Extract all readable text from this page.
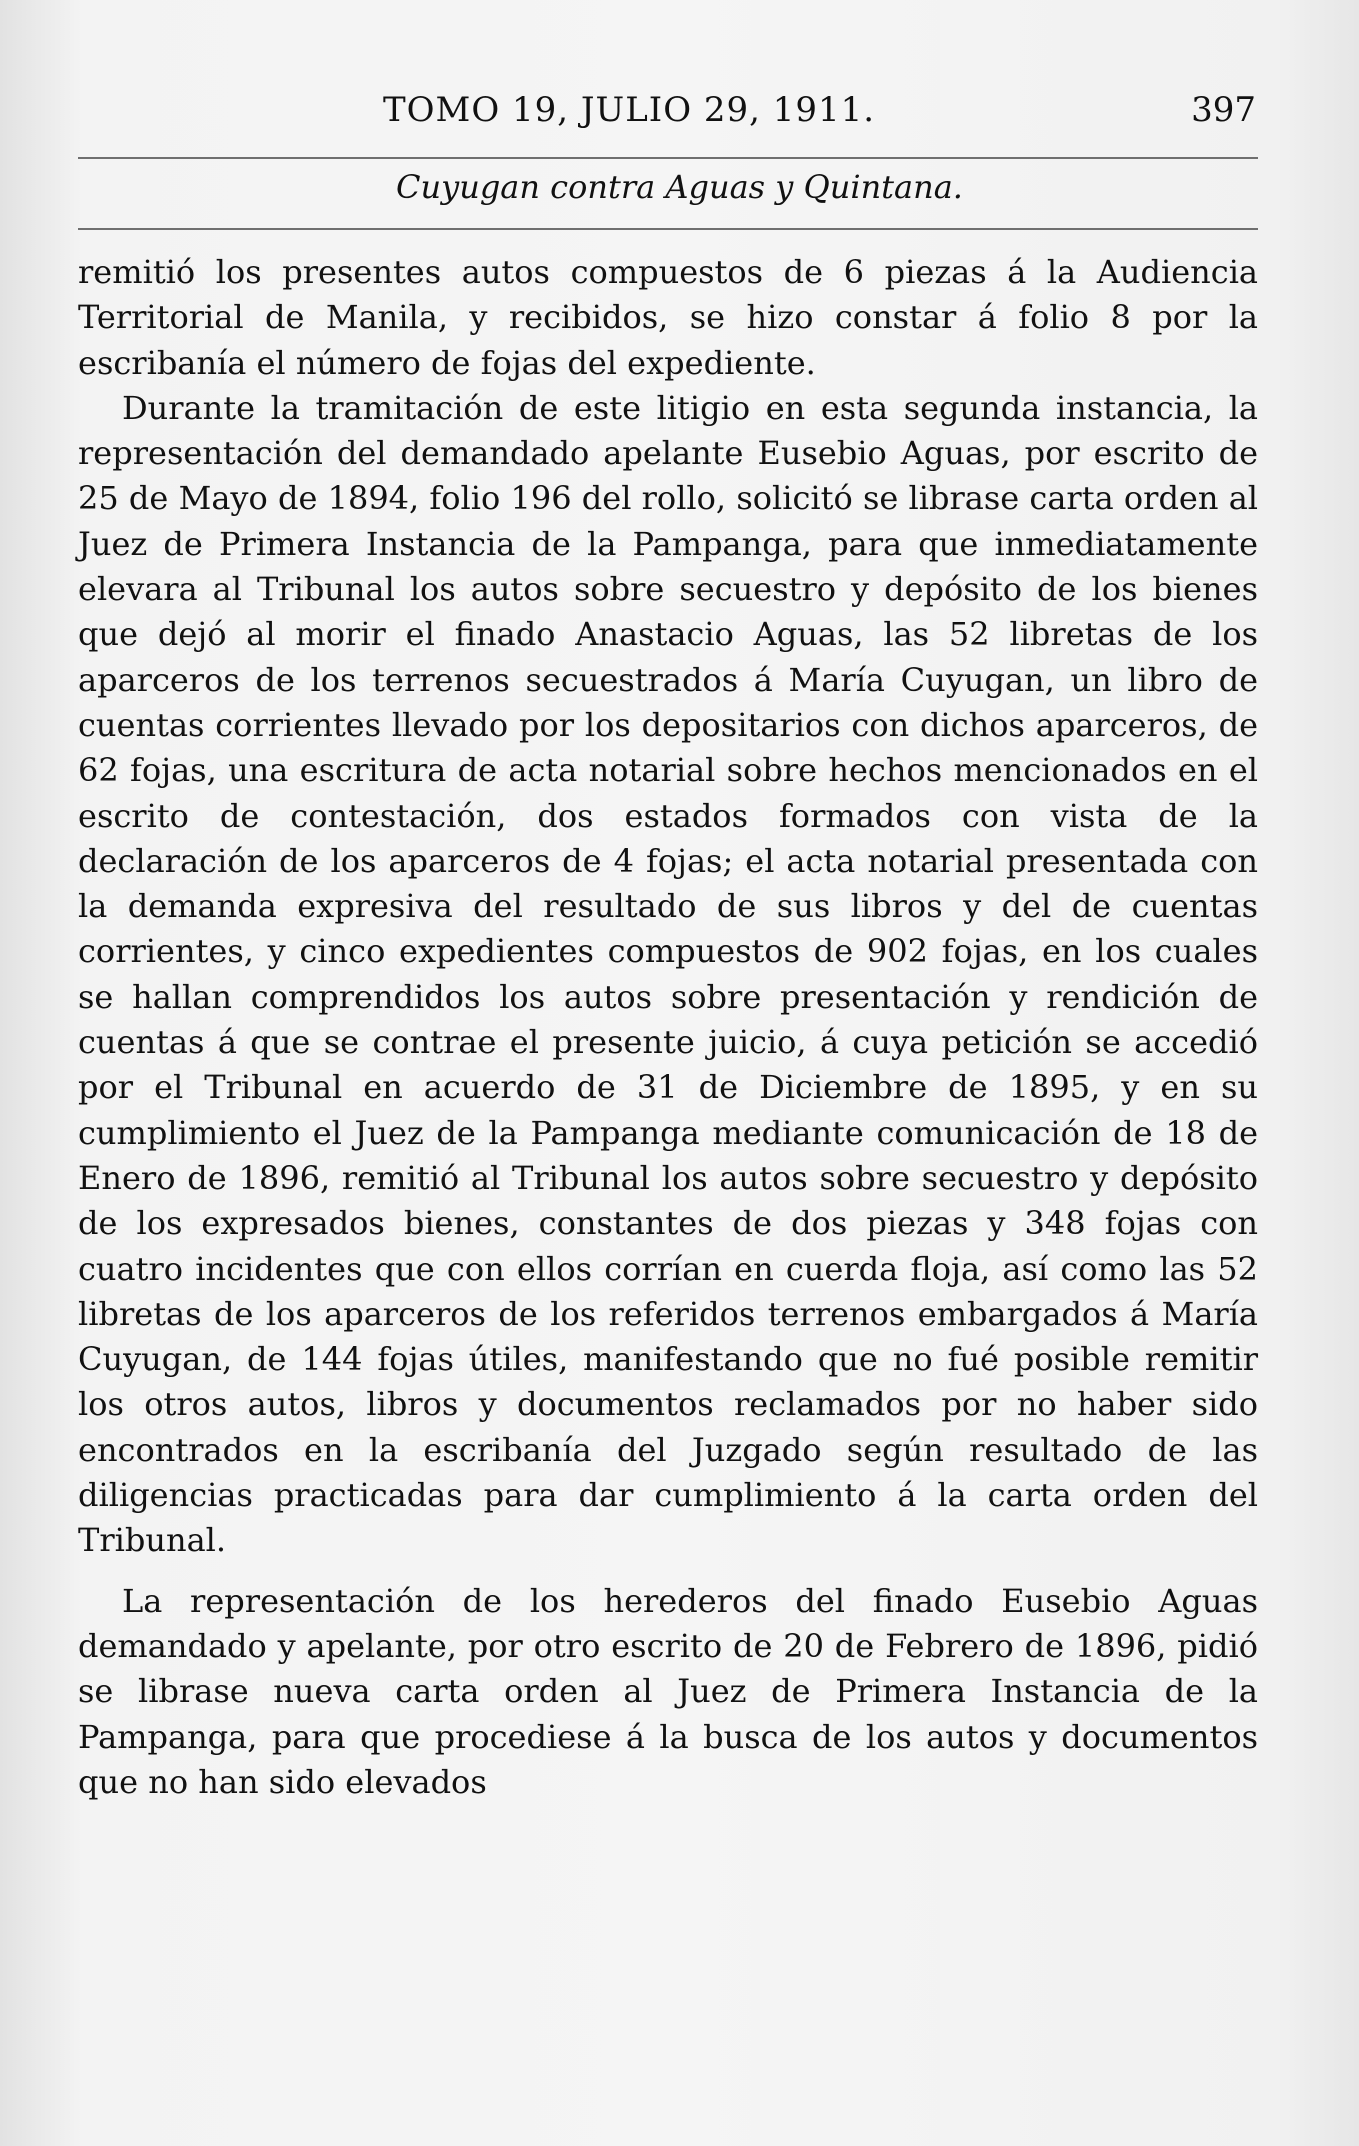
TOMO 19, JULIO 29, 1911.	397
Cuyugan contra Aguas y Quintana.

remitió los presentes autos compuestos de 6 piezas á la Audiencia Territorial de Manila, y recibidos, se hizo constar á folio 8 por la escribanía el número de fojas del expediente.

Durante la tramitación de este litigio en esta segunda instancia, la representación del demandado apelante Eusebio Aguas, por escrito de 25 de Mayo de 1894, folio 196 del rollo, solicitó se librase carta orden al Juez de Primera Instancia de la Pampanga, para que inmediatamente elevara al Tribunal los autos sobre secuestro y depósito de los bienes que dejó al morir el finado Anastacio Aguas, las 52 libretas de los aparceros de los terrenos secuestrados á María Cuyugan, un libro de cuentas corrientes llevado por los depositarios con dichos aparceros, de 62 fojas, una escritura de acta notarial sobre hechos mencionados en el escrito de contestación, dos estados formados con vista de la declaración de los aparceros de 4 fojas; el acta notarial presentada con la demanda expresiva del resultado de sus libros y del de cuentas corrientes, y cinco expedientes compuestos de 902 fojas, en los cuales se hallan comprendidos los autos sobre presentación y rendición de cuentas á que se contrae el presente juicio, á cuya petición se accedió por el Tribunal en acuerdo de 31 de Diciembre de 1895, y en su cumplimiento el Juez de la Pampanga mediante comunicación de 18 de Enero de 1896, remitió al Tribunal los autos sobre secuestro y depósito de los expresados bienes, constantes de dos piezas y 348 fojas con cuatro incidentes que con ellos corrían en cuerda floja, así como las 52 libretas de los aparceros de los referidos terrenos embargados á María Cuyugan, de 144 fojas útiles, manifestando que no fué posible remitir los otros autos, libros y documentos reclamados por no haber sido encontrados en la escribanía del Juzgado según resultado de las diligencias practicadas para dar cumplimiento á la carta orden del Tribunal.

La representación de los herederos del finado Eusebio Aguas demandado y apelante, por otro escrito de 20 de Febrero de 1896, pidió se librase nueva carta orden al Juez de Primera Instancia de la Pampanga, para que procediese á la busca de los autos y documentos que no han sido elevados
